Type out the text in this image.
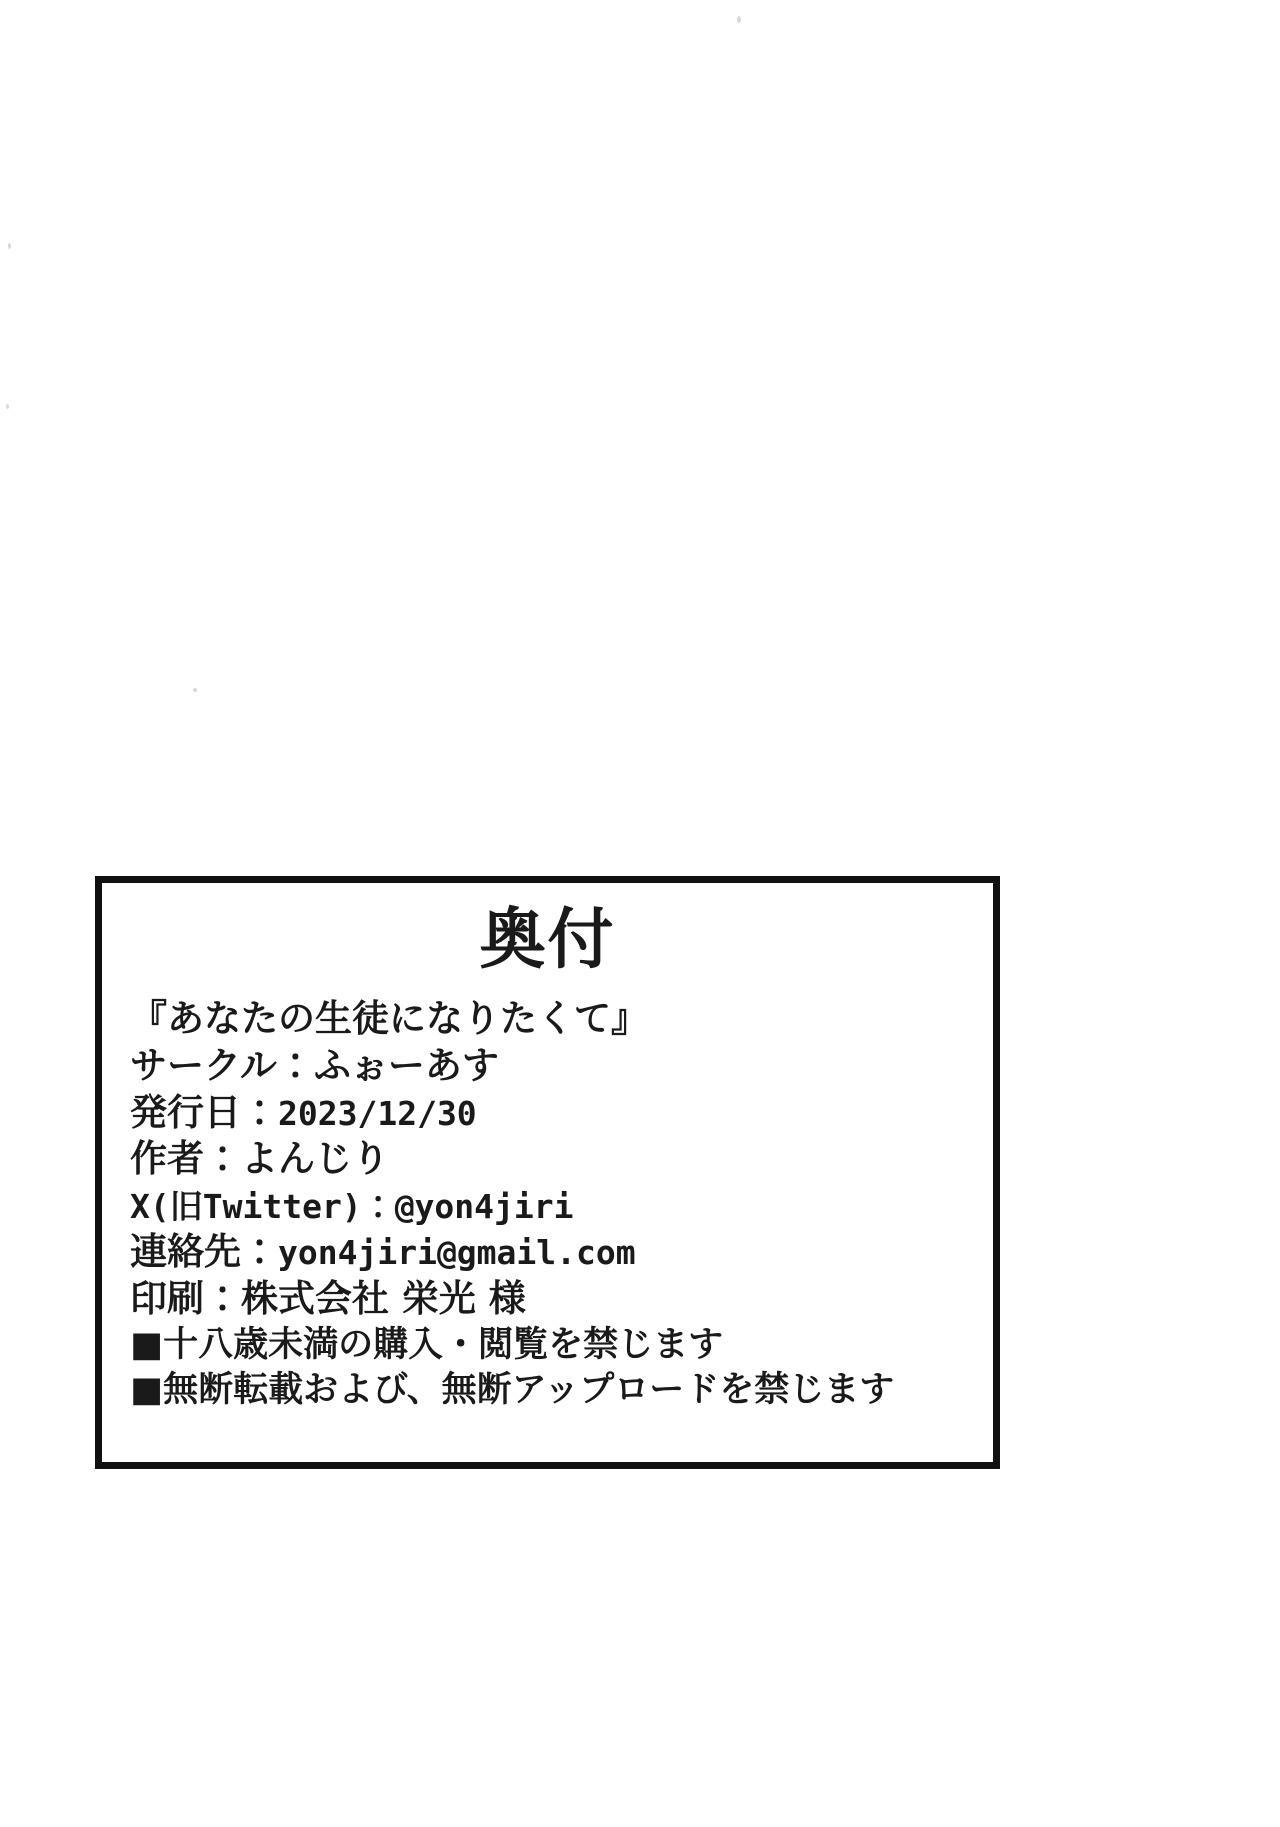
奥付
『あなたの生徒になりたくて』
サークル：ふぉーあす
発行日：2023/12/30
作者：よんじり
X(旧Twitter)：@yon4jiri
連絡先：yon4jiri@gmail.com
印刷：株式会社 栄光 様
■十八歳未満の購入・閲覧を禁じます
■無断転載および、無断アップロードを禁じます
